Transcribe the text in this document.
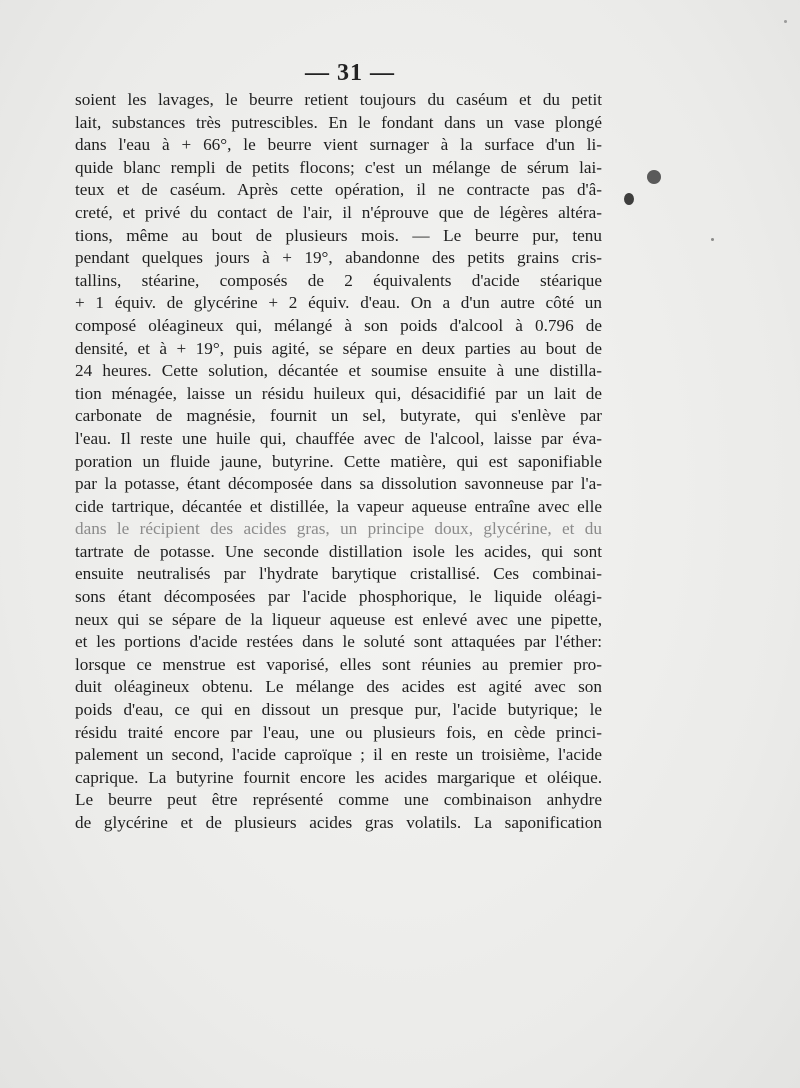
— 31 —
soient les lavages, le beurre retient toujours du caséum et du petit
lait, substances très putrescibles. En le fondant dans un vase plongé
dans l'eau à + 66°, le beurre vient surnager à la surface d'un li-
quide blanc rempli de petits flocons; c'est un mélange de sérum lai-
teux et de caséum. Après cette opération, il ne contracte pas d'â-
creté, et privé du contact de l'air, il n'éprouve que de légères altéra-
tions, même au bout de plusieurs mois. — Le beurre pur, tenu
pendant quelques jours à + 19°, abandonne des petits grains cris-
tallins, stéarine, composés de 2 équivalents d'acide stéarique
+ 1 équiv. de glycérine + 2 équiv. d'eau. On a d'un autre côté un
composé oléagineux qui, mélangé à son poids d'alcool à 0.796 de
densité, et à + 19°, puis agité, se sépare en deux parties au bout de
24 heures. Cette solution, décantée et soumise ensuite à une distilla-
tion ménagée, laisse un résidu huileux qui, désacidifié par un lait de
carbonate de magnésie, fournit un sel, butyrate, qui s'enlève par
l'eau. Il reste une huile qui, chauffée avec de l'alcool, laisse par éva-
poration un fluide jaune, butyrine. Cette matière, qui est saponifiable
par la potasse, étant décomposée dans sa dissolution savonneuse par l'a-
cide tartrique, décantée et distillée, la vapeur aqueuse entraîne avec elle
dans le récipient des acides gras, un principe doux, glycérine, et du
tartrate de potasse. Une seconde distillation isole les acides, qui sont
ensuite neutralisés par l'hydrate barytique cristallisé. Ces combinai-
sons étant décomposées par l'acide phosphorique, le liquide oléagi-
neux qui se sépare de la liqueur aqueuse est enlevé avec une pipette,
et les portions d'acide restées dans le soluté sont attaquées par l'éther:
lorsque ce menstrue est vaporisé, elles sont réunies au premier pro-
duit oléagineux obtenu. Le mélange des acides est agité avec son
poids d'eau, ce qui en dissout un presque pur, l'acide butyrique; le
résidu traité encore par l'eau, une ou plusieurs fois, en cède princi-
palement un second, l'acide caproïque ; il en reste un troisième, l'acide
caprique. La butyrine fournit encore les acides margarique et oléique.
Le beurre peut être représenté comme une combinaison anhydre
de glycérine et de plusieurs acides gras volatils. La saponification
